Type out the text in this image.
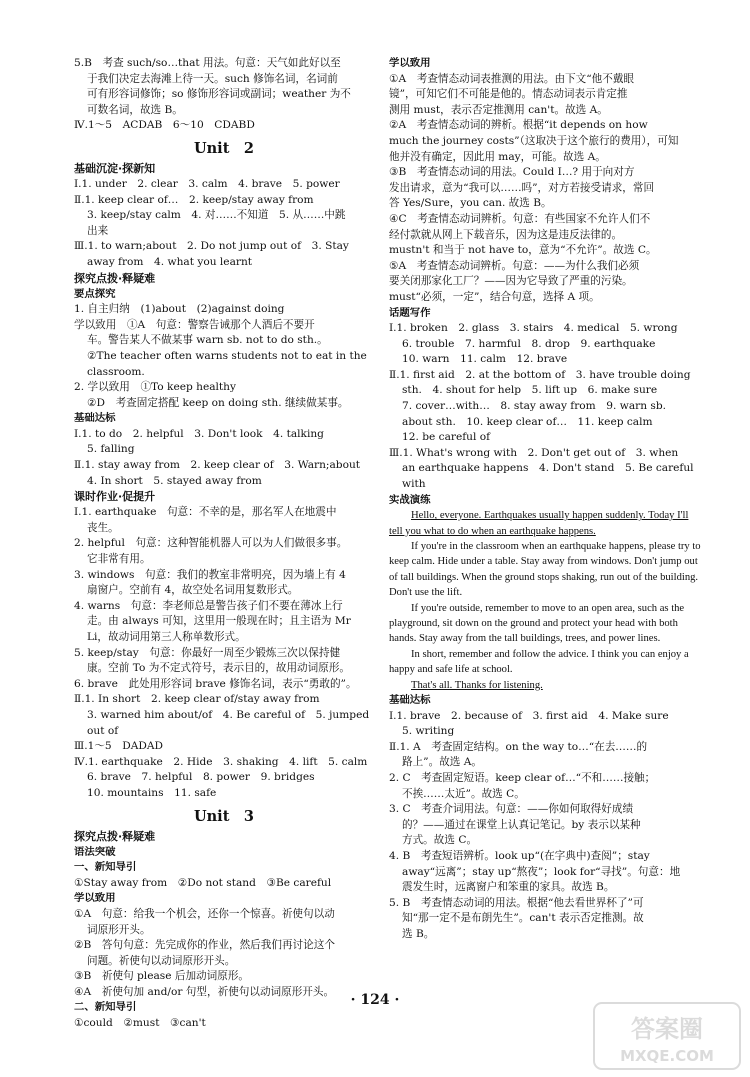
5.B　考查 such/so…that 用法。句意：天气如此好以至
于我们决定去海滩上待一天。such 修饰名词，名词前
可有形容词修饰；so 修饰形容词或副词；weather 为不
可数名词，故选 B。
Ⅳ.1～5　ACDAB　6～10　CDABD
Unit　2
基础沉淀·探新知
Ⅰ.1. under　2. clear　3. calm　4. brave　5. power
Ⅱ.1. keep clear of…　2. keep/stay away from
3. keep/stay calm　4. 对……不知道　5. 从……中跳
出来
Ⅲ.1. to warn;about　2. Do not jump out of　3. Stay
away from　4. what you learnt
探究点拨·释疑难
要点探究
1. 自主归纳　(1)about　(2)against doing
学以致用　①A　句意：警察告诫那个人酒后不要开
车。警告某人不做某事 warn sb. not to do sth.。
②The teacher often warns students not to eat in the
classroom.
2. 学以致用　①To keep healthy
②D　考查固定搭配 keep on doing sth. 继续做某事。
基础达标
Ⅰ.1. to do　2. helpful　3. Don't look　4. talking
5. falling
Ⅱ.1. stay away from　2. keep clear of　3. Warn;about
4. In short　5. stayed away from
课时作业·促提升
Ⅰ.1. earthquake　句意：不幸的是，那名军人在地震中
丧生。
2. helpful　句意：这种智能机器人可以为人们做很多事。
它非常有用。
3. windows　句意：我们的教室非常明亮，因为墙上有 4
扇窗户。空前有 4，故空处名词用复数形式。
4. warns　句意：李老师总是警告孩子们不要在薄冰上行
走。由 always 可知，这里用一般现在时；且主语为 Mr
Li，故动词用第三人称单数形式。
5. keep/stay　句意：你最好一周至少锻炼三次以保持健
康。空前 To 为不定式符号，表示目的，故用动词原形。
6. brave　此处用形容词 brave 修饰名词，表示“勇敢的”。
Ⅱ.1. In short　2. keep clear of/stay away from
3. warned him about/of　4. Be careful of　5. jumped
out of
Ⅲ.1～5　DADAD
Ⅳ.1. earthquake　2. Hide　3. shaking　4. lift　5. calm
6. brave　7. helpful　8. power　9. bridges
10. mountains　11. safe
Unit　3
探究点拨·释疑难
语法突破
一、新知导引
①Stay away from　②Do not stand　③Be careful
学以致用
①A　句意：给我一个机会，还你一个惊喜。祈使句以动
词原形开头。
②B　答句句意：先完成你的作业，然后我们再讨论这个
问题。祈使句以动词原形开头。
③B　祈使句 please 后加动词原形。
④A　祈使句加 and/or 句型，祈使句以动词原形开头。
二、新知导引
①could　②must　③can't
学以致用
①A　考查情态动词表推测的用法。由下文“他不戴眼
镜”，可知它们不可能是他的。情态动词表示肯定推
测用 must，表示否定推测用 can't。故选 A。
②A　考查情态动词的辨析。根据“it depends on how
much the journey costs”（这取决于这个旅行的费用），可知
他并没有确定，因此用 may，可能。故选 A。
③B　考查情态动词的用法。Could I…? 用于向对方
发出请求，意为“我可以……吗”，对方若接受请求，常回
答 Yes/Sure，you can. 故选 B。
④C　考查情态动词辨析。句意：有些国家不允许人们不
经付款就从网上下载音乐，因为这是违反法律的。
mustn't 和当于 not have to，意为“不允许”。故选 C。
⑤A　考查情态动词辨析。句意：——为什么我们必须
要关闭那家化工厂？——因为它导致了严重的污染。
must“必须，一定”，结合句意，选择 A 项。
话题写作
Ⅰ.1. broken　2. glass　3. stairs　4. medical　5. wrong
6. trouble　7. harmful　8. drop　9. earthquake
10. warn　11. calm　12. brave
Ⅱ.1. first aid　2. at the bottom of　3. have trouble doing
sth.　4. shout for help　5. lift up　6. make sure
7. cover…with…　8. stay away from　9. warn sb.
about sth.　10. keep clear of…　11. keep calm
12. be careful of
Ⅲ.1. What's wrong with　2. Don't get out of　3. when
an earthquake happens　4. Don't stand　5. Be careful
with
实战演练

Hello, everyone. Earthquakes usually happen suddenly. Today I'll tell you what to do when an earthquake happens.

If you're in the classroom when an earthquake happens, please try to keep calm. Hide under a table. Stay away from windows. Don't jump out of tall buildings. When the ground stops shaking, run out of the building. Don't use the lift.

If you're outside, remember to move to an open area, such as the playground, sit down on the ground and protect your head with both hands. Stay away from the tall buildings, trees, and power lines.

In short, remember and follow the advice. I think you can enjoy a happy and safe life at school.

That's all. Thanks for listening.

基础达标
Ⅰ.1. brave　2. because of　3. first aid　4. Make sure
5. writing
Ⅱ.1. A　考查固定结构。on the way to…“在去……的
路上”。故选 A。
2. C　考查固定短语。keep clear of…“不和……接触；
不挨……太近”。故选 C。
3. C　考查介词用法。句意：——你如何取得好成绩
的？——通过在课堂上认真记笔记。by 表示以某种
方式。故选 C。
4. B　考查短语辨析。look up“(在字典中)查阅”；stay
away“远离”；stay up“熬夜”；look for“寻找”。句意：地
震发生时，远离窗户和笨重的家具。故选 B。
5. B　考查情态动词的用法。根据“他去看世界杯了”可
知“那一定不是布朗先生”。can't 表示否定推测。故
选 B。
· 124 ·
答案圈
MXQE.COM
